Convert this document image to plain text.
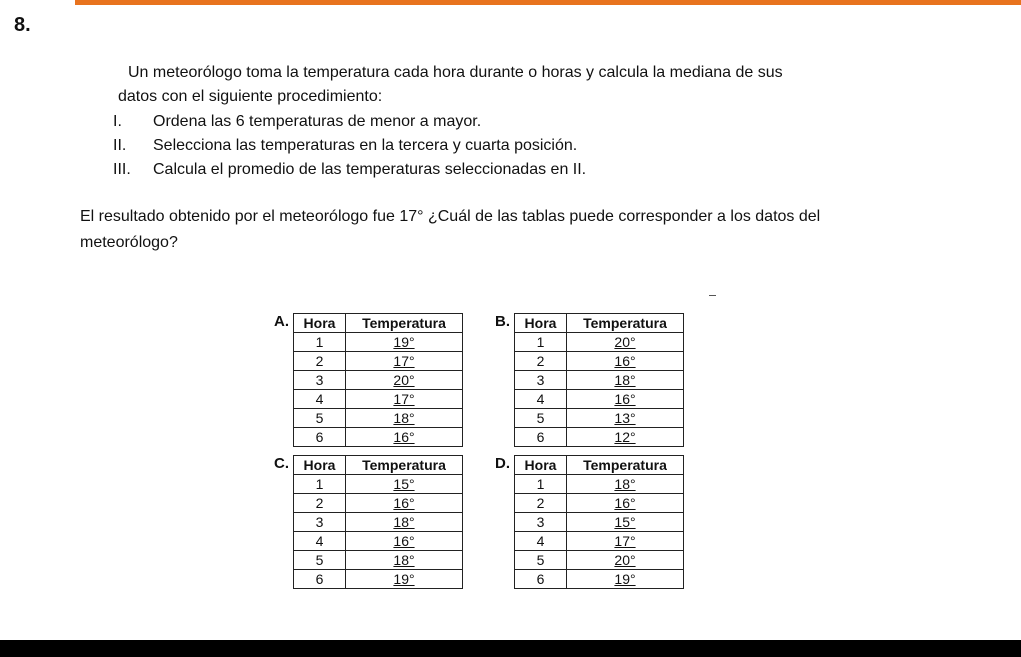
8.
Un meteorólogo toma la temperatura cada hora durante o horas y calcula la mediana de sus
datos con el siguiente procedimiento:
I.	Ordena las 6 temperaturas de menor a mayor.
II.	Selecciona las temperaturas en la tercera y cuarta posición.
III.	Calcula el promedio de las temperaturas seleccionadas en II.
El resultado obtenido por el meteorólogo fue 17° ¿Cuál de las tablas puede corresponder a los datos del meteorólogo?
A. Hora	Temperatura
1	19°
2	17°
3	20°
4	17°
5	18°
6	16°
B. Hora	Temperatura
1	20°
2	16°
3	18°
4	16°
5	13°
6	12°
C. Hora	Temperatura
1	15°
2	16°
3	18°
4	16°
5	18°
6	19°
D. Hora	Temperatura
1	18°
2	16°
3	15°
4	17°
5	20°
6	19°
